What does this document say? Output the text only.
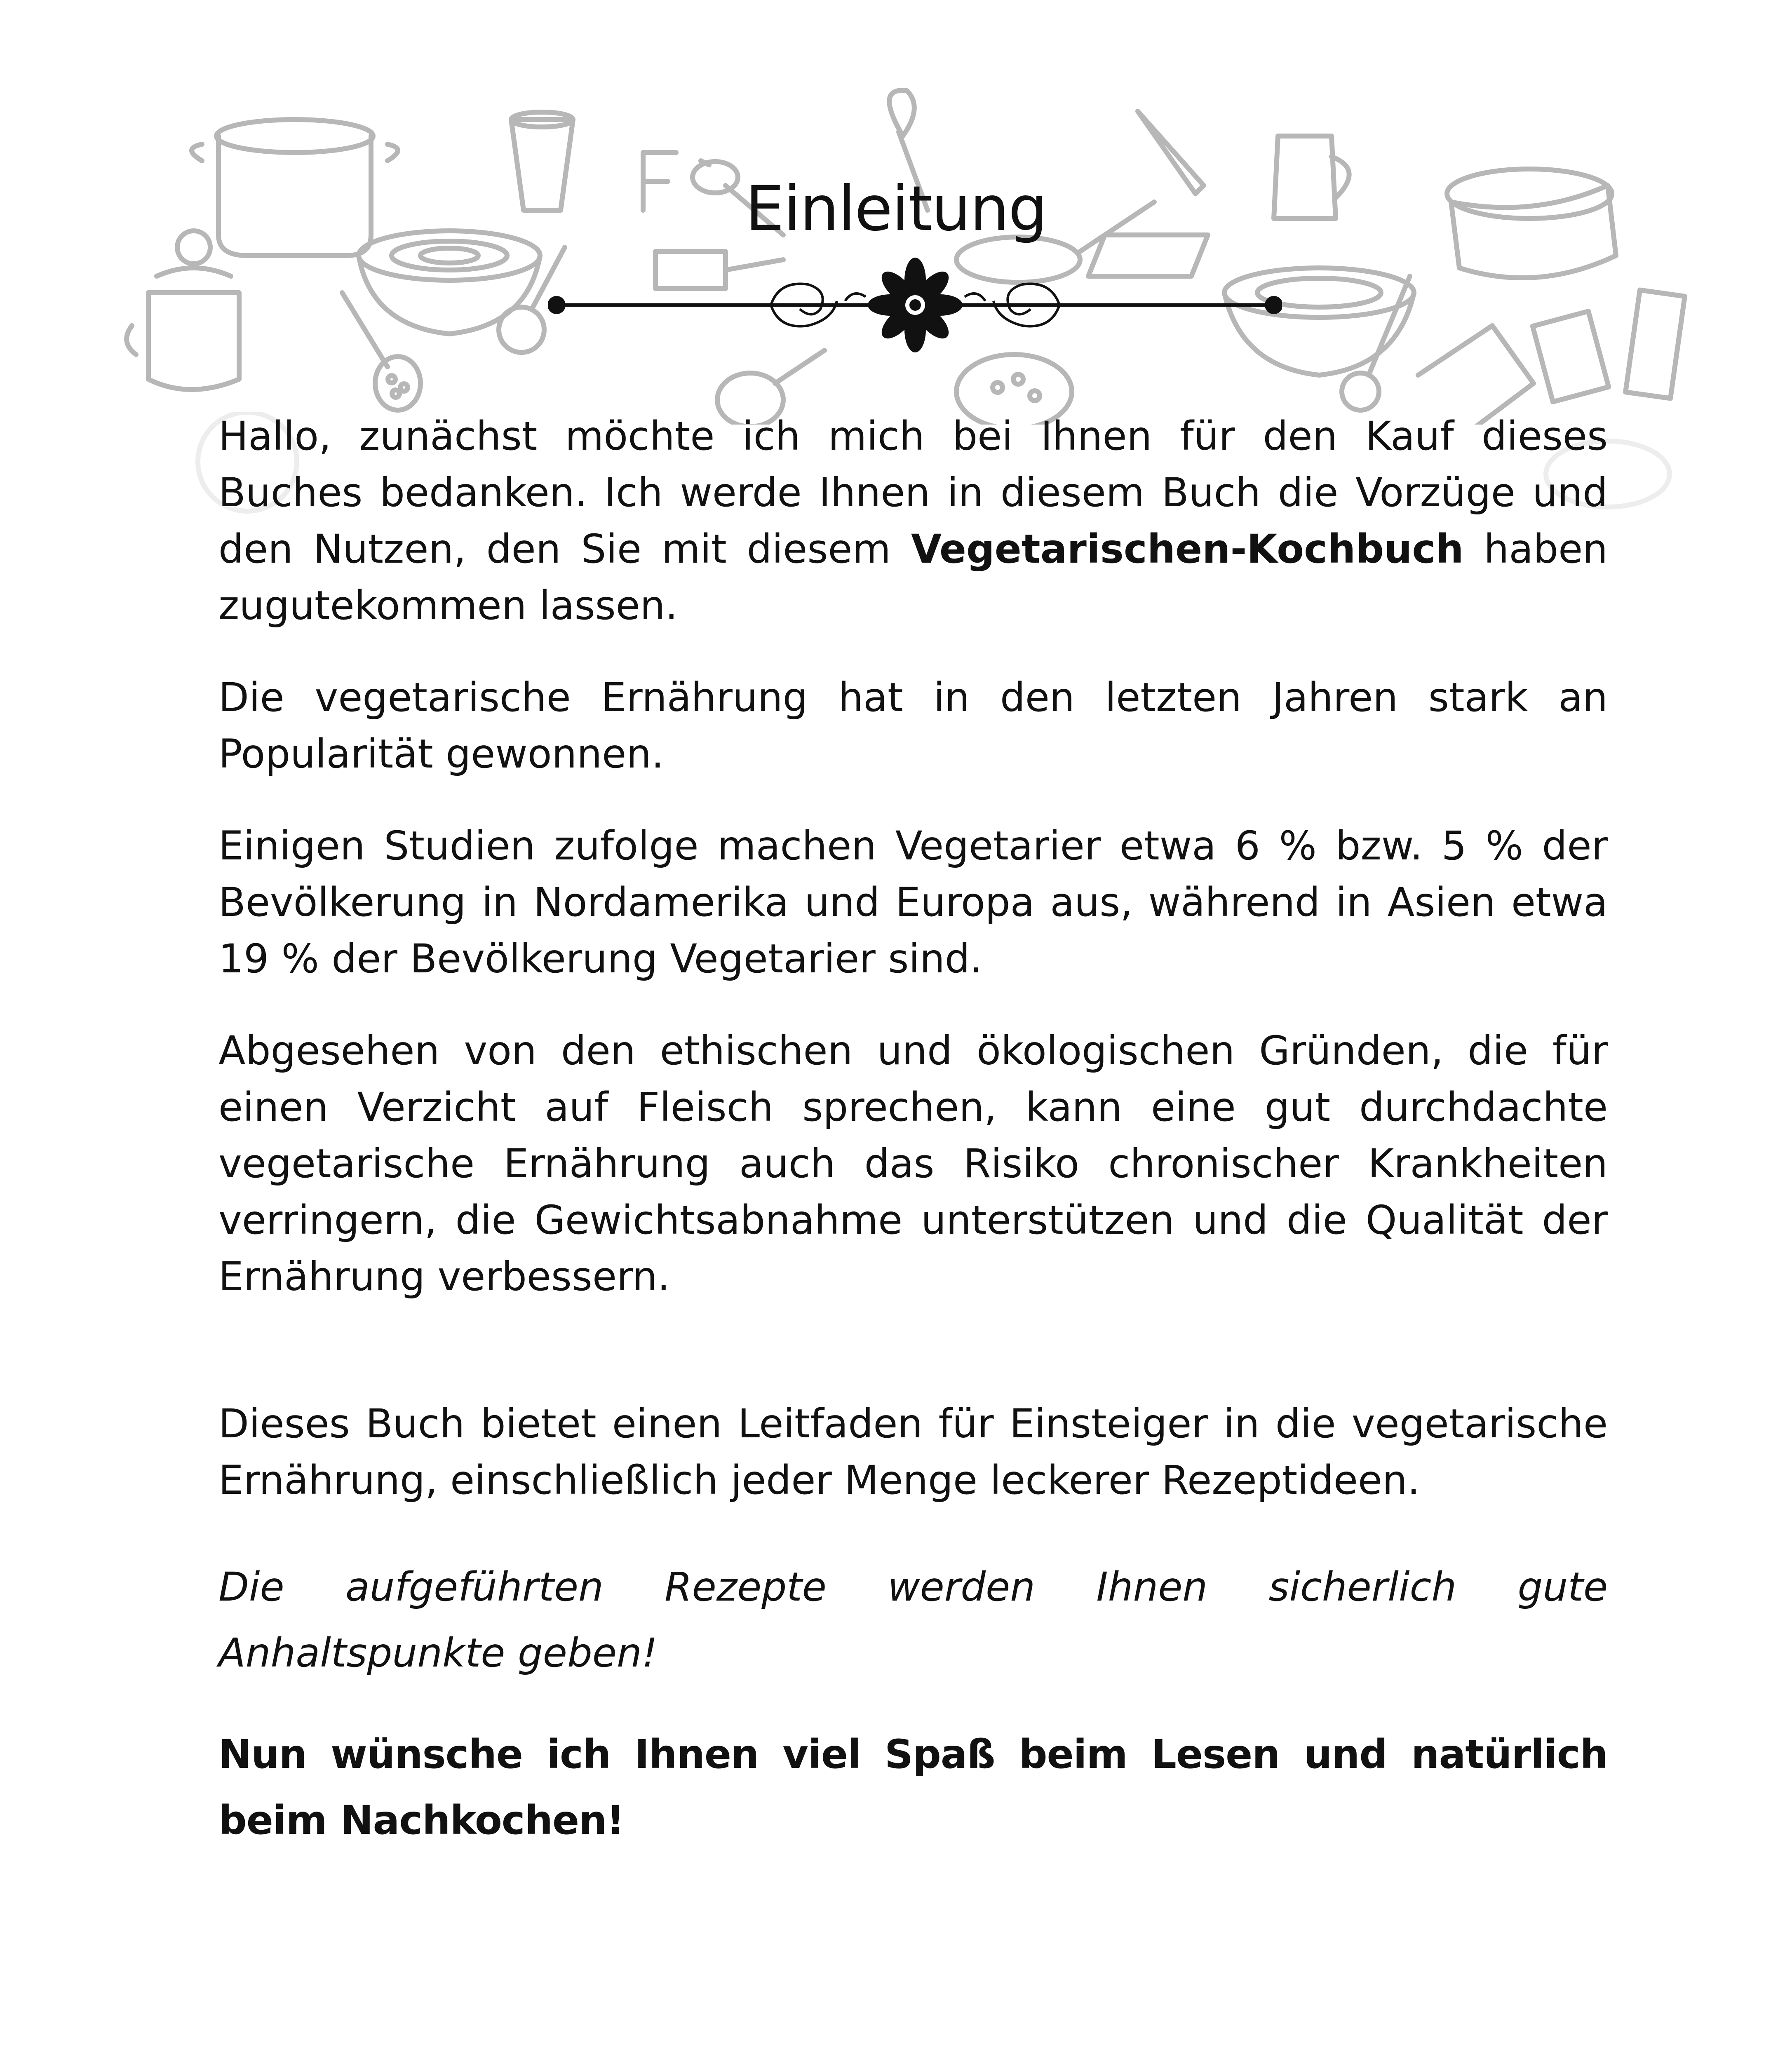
Einleitung

Hallo, zunächst möchte ich mich bei Ihnen für den Kauf dieses Buches bedanken. Ich werde Ihnen in diesem Buch die Vorzüge und den Nutzen, den Sie mit diesem Vegetarischen-Kochbuch haben zugutekommen lassen.

Die vegetarische Ernährung hat in den letzten Jahren stark an Popularität gewonnen.

Einigen Studien zufolge machen Vegetarier etwa 6 % bzw. 5 % der Bevölkerung in Nordamerika und Europa aus, während in Asien etwa 19 % der Bevölkerung Vegetarier sind.

Abgesehen von den ethischen und ökologischen Gründen, die für einen Verzicht auf Fleisch sprechen, kann eine gut durchdachte vegetarische Ernährung auch das Risiko chronischer Krankheiten verringern, die Gewichtsabnahme unterstützen und die Qualität der Ernährung verbessern.

Dieses Buch bietet einen Leitfaden für Einsteiger in die vegetarische Ernährung, einschließlich jeder Menge leckerer Rezeptideen.

Die aufgeführten Rezepte werden Ihnen sicherlich gute Anhaltspunkte geben!

Nun wünsche ich Ihnen viel Spaß beim Lesen und natürlich beim Nachkochen!
